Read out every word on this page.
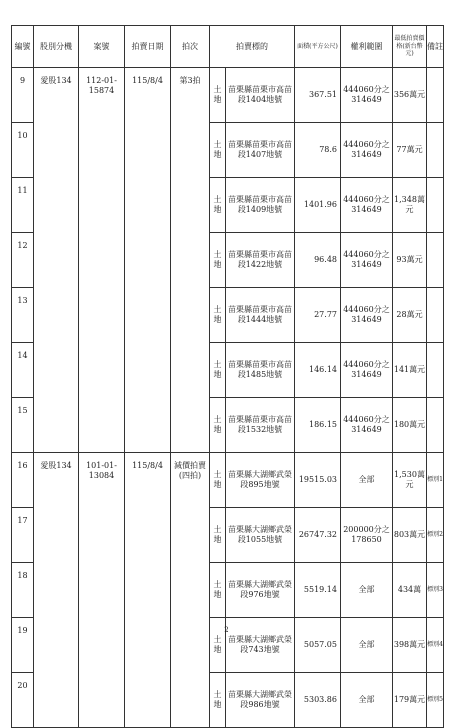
編號	股別分機	案號	拍賣日期	拍次	拍賣標的		面積(平方公尺)	權利範圍	最低拍賣價格(新台幣元)	備註
9	愛股134	112-01-15874	115/8/4	第3拍	土地	苗栗縣苗栗市高苗段1404地號	367.51	444060分之314649	356萬元	
10					土地	苗栗縣苗栗市高苗段1407地號	78.6	444060分之314649	77萬元	
11					土地	苗栗縣苗栗市高苗段1409地號	1401.96	444060分之314649	1,348萬元	
12					土地	苗栗縣苗栗市高苗段1422地號	96.48	444060分之314649	93萬元	
13					土地	苗栗縣苗栗市高苗段1444地號	27.77	444060分之314649	28萬元	
14					土地	苗栗縣苗栗市高苗段1485地號	146.14	444060分之314649	141萬元	
15					土地	苗栗縣苗栗市高苗段1532地號	186.15	444060分之314649	180萬元	
16	愛股134	101-01-13084	115/8/4	減價拍賣(四拍)	土地	苗栗縣大湖鄉武榮段895地號	19515.03	全部	1,530萬元	標別1
17					土地	苗栗縣大湖鄉武榮段1055地號	26747.32	200000分之178650	803萬元	標別2
18					土地	苗栗縣大湖鄉武榮段976地號	5519.14	全部	434萬	標別3
19					土地	苗栗縣大湖鄉武榮段743地號	5057.05	全部	398萬元	標別4
20					土地	苗栗縣大湖鄉武榮段986地號	5303.86	全部	179萬元	標別5
2
